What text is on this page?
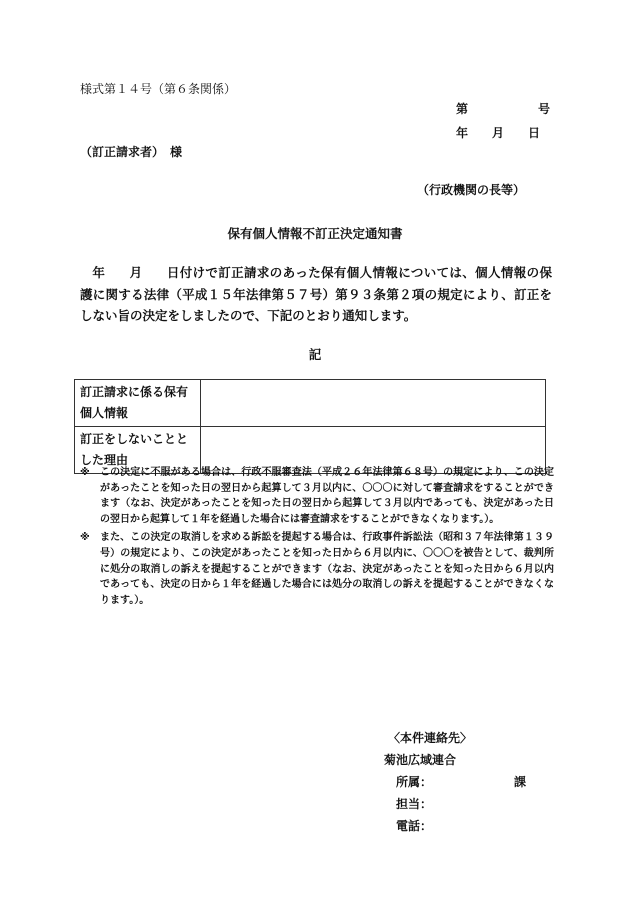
様式第１４号（第６条関係）
第	号
年 月 日
（訂正請求者）　様
（行政機関の長等）
保有個人情報不訂正決定通知書
年 月 日付けで訂正請求のあった保有個人情報については、個人情報の保護に関する法律（平成１５年法律第５７号）第９３条第２項の規定により、訂正をしない旨の決定をしましたので、下記のとおり通知します。
記
訂正請求に係る保有個人情報	
訂正をしないことと した理由	
※	この決定に不服がある場合は、行政不服審査法（平成２６年法律第６８号）の規定により、この決定があったことを知った日の翌日から起算して３月以内に、〇〇〇に対して審査請求をすることができます（なお、決定があったことを知った日の翌日から起算して３月以内であっても、決定があった日の翌日から起算して１年を経過した場合には審査請求をすることができなくなります。）。
※	また、この決定の取消しを求める訴訟を提起する場合は、行政事件訴訟法（昭和３７年法律第１３９号）の規定により、この決定があったことを知った日から６月以内に、〇〇〇を被告として、裁判所に処分の取消しの訴えを提起することができます（なお、決定があったことを知った日から６月以内であっても、決定の日から１年を経過した場合には処分の取消しの訴えを提起することができなくなります。）。
〈本件連絡先〉
菊池広域連合
所属：	課
担当：
電話：
